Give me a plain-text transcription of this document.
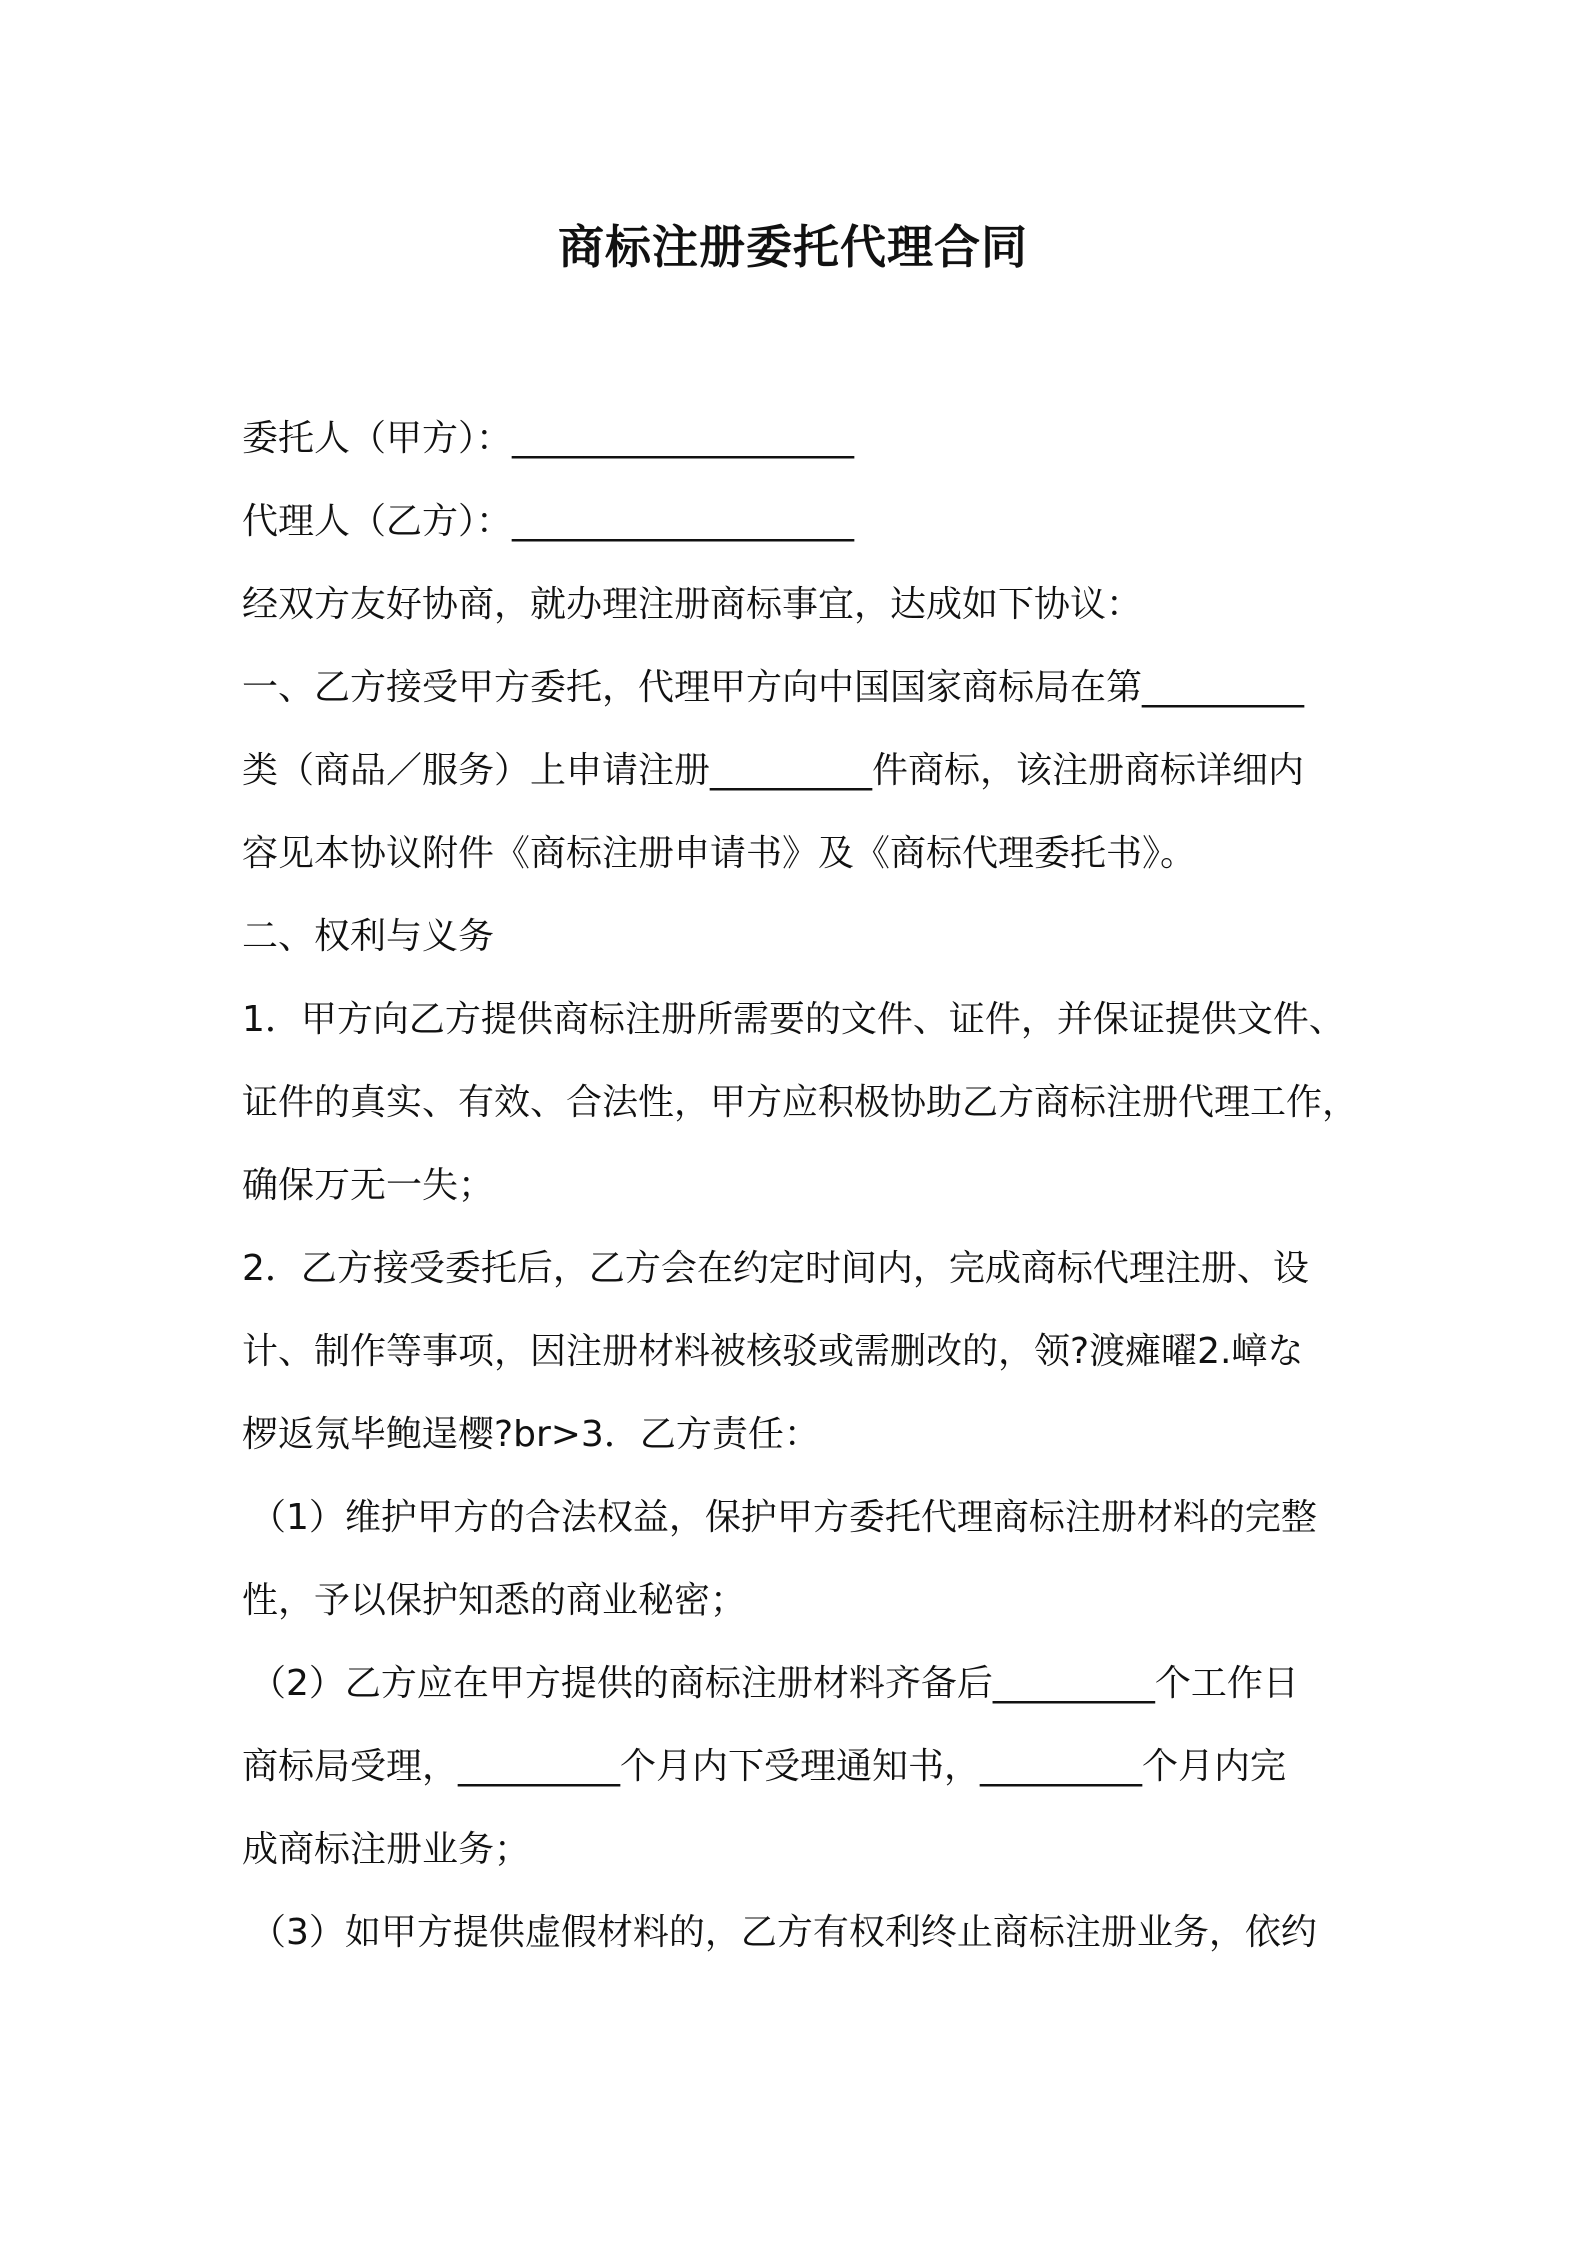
商标注册委托代理合同
委托人（甲方）：___________________
代理人（乙方）：___________________
经双方友好协商，就办理注册商标事宜，达成如下协议：
一、乙方接受甲方委托，代理甲方向中国国家商标局在第_________
类（商品／服务）上申请注册_________件商标，该注册商标详细内
容见本协议附件《商标注册申请书》及《商标代理委托书》。
二、权利与义务
1．甲方向乙方提供商标注册所需要的文件、证件，并保证提供文件、
证件的真实、有效、合法性，甲方应积极协助乙方商标注册代理工作，
确保万无一失；
2．乙方接受委托后，乙方会在约定时间内，完成商标代理注册、设
计、制作等事项，因注册材料被核驳或需删改的，领?渡瘫曜2.嶂な
椤返氖毕鲍逞樱?br>3．乙方责任：
（1）维护甲方的合法权益，保护甲方委托代理商标注册材料的完整
性，予以保护知悉的商业秘密；
（2）乙方应在甲方提供的商标注册材料齐备后_________个工作日
商标局受理，_________个月内下受理通知书，_________个月内完
成商标注册业务；
（3）如甲方提供虚假材料的，乙方有权利终止商标注册业务，依约
